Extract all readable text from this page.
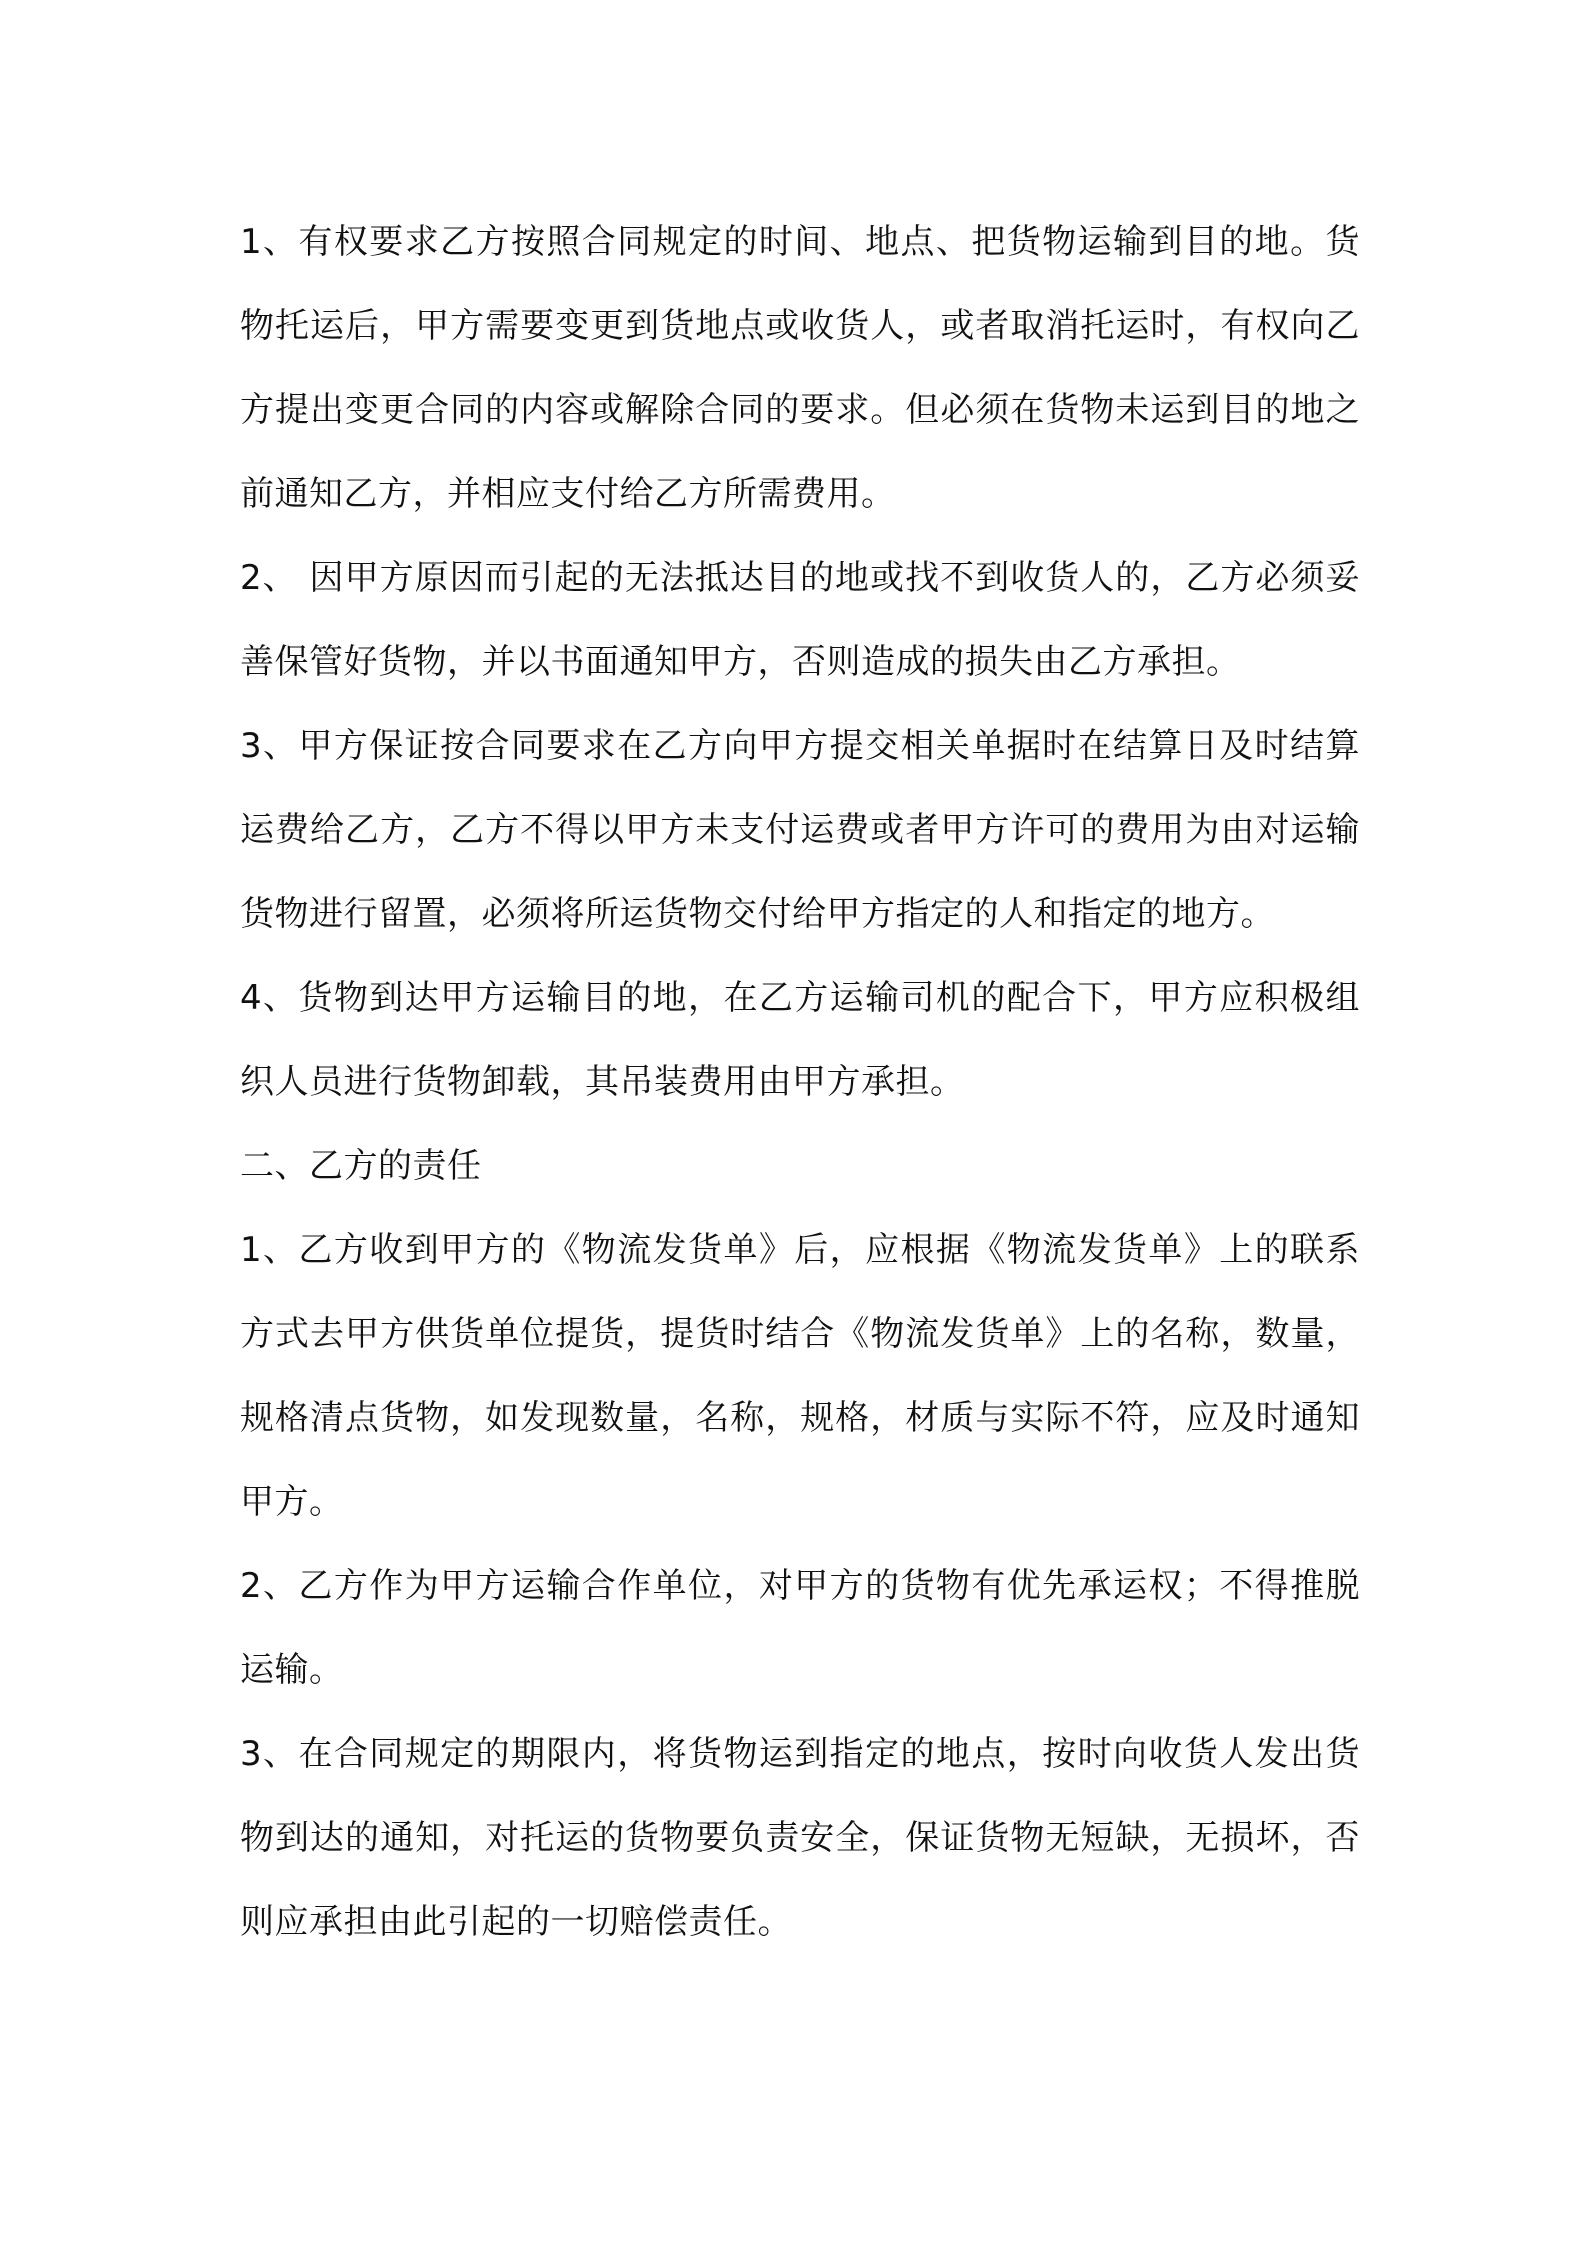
1、有权要求乙方按照合同规定的时间、地点、把货物运输到目的地。货物托运后，甲方需要变更到货地点或收货人，或者取消托运时，有权向乙方提出变更合同的内容或解除合同的要求。但必须在货物未运到目的地之前通知乙方，并相应支付给乙方所需费用。

2、 因甲方原因而引起的无法抵达目的地或找不到收货人的，乙方必须妥善保管好货物，并以书面通知甲方，否则造成的损失由乙方承担。

3、甲方保证按合同要求在乙方向甲方提交相关单据时在结算日及时结算运费给乙方，乙方不得以甲方未支付运费或者甲方许可的费用为由对运输货物进行留置，必须将所运货物交付给甲方指定的人和指定的地方。

4、货物到达甲方运输目的地，在乙方运输司机的配合下，甲方应积极组织人员进行货物卸载，其吊装费用由甲方承担。

二、乙方的责任

1、乙方收到甲方的《物流发货单》后，应根据《物流发货单》上的联系方式去甲方供货单位提货，提货时结合《物流发货单》上的名称，数量，规格清点货物，如发现数量，名称，规格，材质与实际不符，应及时通知甲方。

2、乙方作为甲方运输合作单位，对甲方的货物有优先承运权；不得推脱运输。

3、在合同规定的期限内，将货物运到指定的地点，按时向收货人发出货物到达的通知，对托运的货物要负责安全，保证货物无短缺，无损坏，否则应承担由此引起的一切赔偿责任。
